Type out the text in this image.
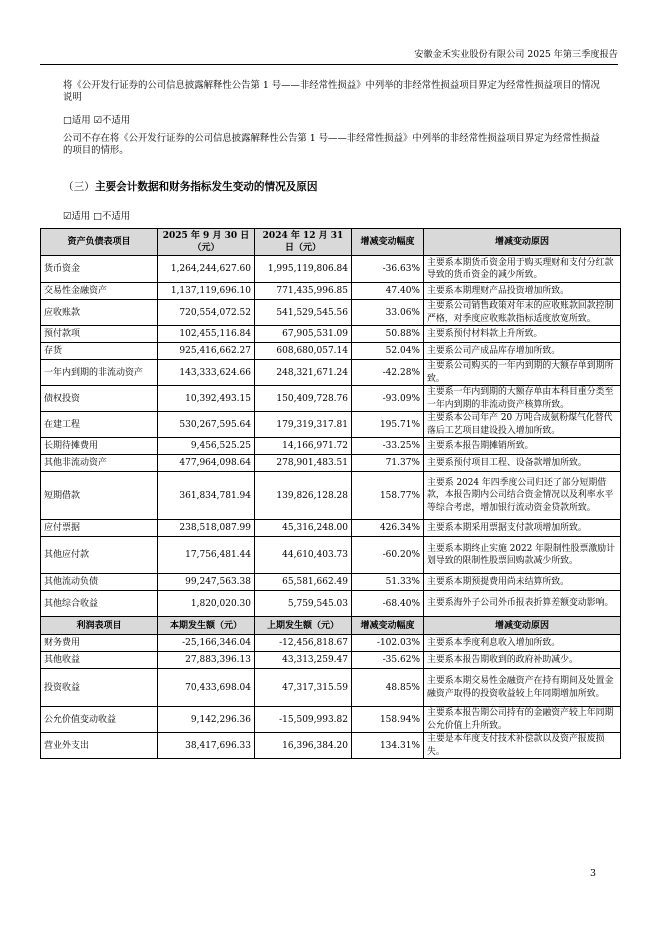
安徽金禾实业股份有限公司 2025 年第三季度报告
将《公开发行证券的公司信息披露解释性公告第 1 号——非经常性损益》中列举的非经常性损益项目界定为经常性损益项目的情况说明
□适用 ☑不适用
公司不存在将《公开发行证券的公司信息披露解释性公告第 1 号——非经常性损益》中列举的非经常性损益项目界定为经常性损益的项目的情形。
（三）主要会计数据和财务指标发生变动的情况及原因
☑适用 □不适用
资产负债表项目	2025 年 9 月 30 日（元）	2024 年 12 月 31 日（元）	增减变动幅度	增减变动原因
货币资金	1,264,244,627.60	1,995,119,806.84	-36.63%	主要系本期货币资金用于购买理财和支付分红款导致的货币资金的减少所致。
交易性金融资产	1,137,119,696.10	771,435,996.85	47.40%	主要系本期理财产品投资增加所致。
应收账款	720,554,072.52	541,529,545.56	33.06%	主要系公司销售政策对年末的应收账款回款控制严格，对季度应收账款指标适度放宽所致。
预付款项	102,455,116.84	67,905,531.09	50.88%	主要系预付材料款上升所致。
存货	925,416,662.27	608,680,057.14	52.04%	主要系公司产成品库存增加所致。
一年内到期的非流动资产	143,333,624.66	248,321,671.24	-42.28%	主要系公司购买的一年内到期的大额存单到期所致。
债权投资	10,392,493.15	150,409,728.76	-93.09%	主要系一年内到期的大额存单由本科目重分类至一年内到期的非流动资产核算所致。
在建工程	530,267,595.64	179,319,317.81	195.71%	主要系本公司年产 20 万吨合成氨粉煤气化替代落后工艺项目建设投入增加所致。
长期待摊费用	9,456,525.25	14,166,971.72	-33.25%	主要系本报告期摊销所致。
其他非流动资产	477,964,098.64	278,901,483.51	71.37%	主要系预付项目工程、设备款增加所致。
短期借款	361,834,781.94	139,826,128.28	158.77%	主要系 2024 年四季度公司归还了部分短期借款，本报告期内公司结合资金情况以及利率水平等综合考虑，增加银行流动资金贷款所致。
应付票据	238,518,087.99	45,316,248.00	426.34%	主要系本期采用票据支付款项增加所致。
其他应付款	17,756,481.44	44,610,403.73	-60.20%	主要系本期终止实施 2022 年限制性股票激励计划导致的限制性股票回购款减少所致。
其他流动负债	99,247,563.38	65,581,662.49	51.33%	主要系本期预提费用尚未结算所致。
其他综合收益	1,820,020.30	5,759,545.03	-68.40%	主要系海外子公司外币报表折算差额变动影响。
利润表项目	本期发生额（元）	上期发生额（元）	增减变动幅度	增减变动原因
财务费用	-25,166,346.04	-12,456,818.67	-102.03%	主要系本季度利息收入增加所致。
其他收益	27,883,396.13	43,313,259.47	-35.62%	主要系本报告期收到的政府补助减少。
投资收益	70,433,698.04	47,317,315.59	48.85%	主要系本期交易性金融资产在持有期间及处置金融资产取得的投资收益较上年同期增加所致。
公允价值变动收益	9,142,296.36	-15,509,993.82	158.94%	主要系本报告期公司持有的金融资产较上年同期公允价值上升所致。
营业外支出	38,417,696.33	16,396,384.20	134.31%	主要是本年度支付技术补偿款以及资产报废损失。
3
